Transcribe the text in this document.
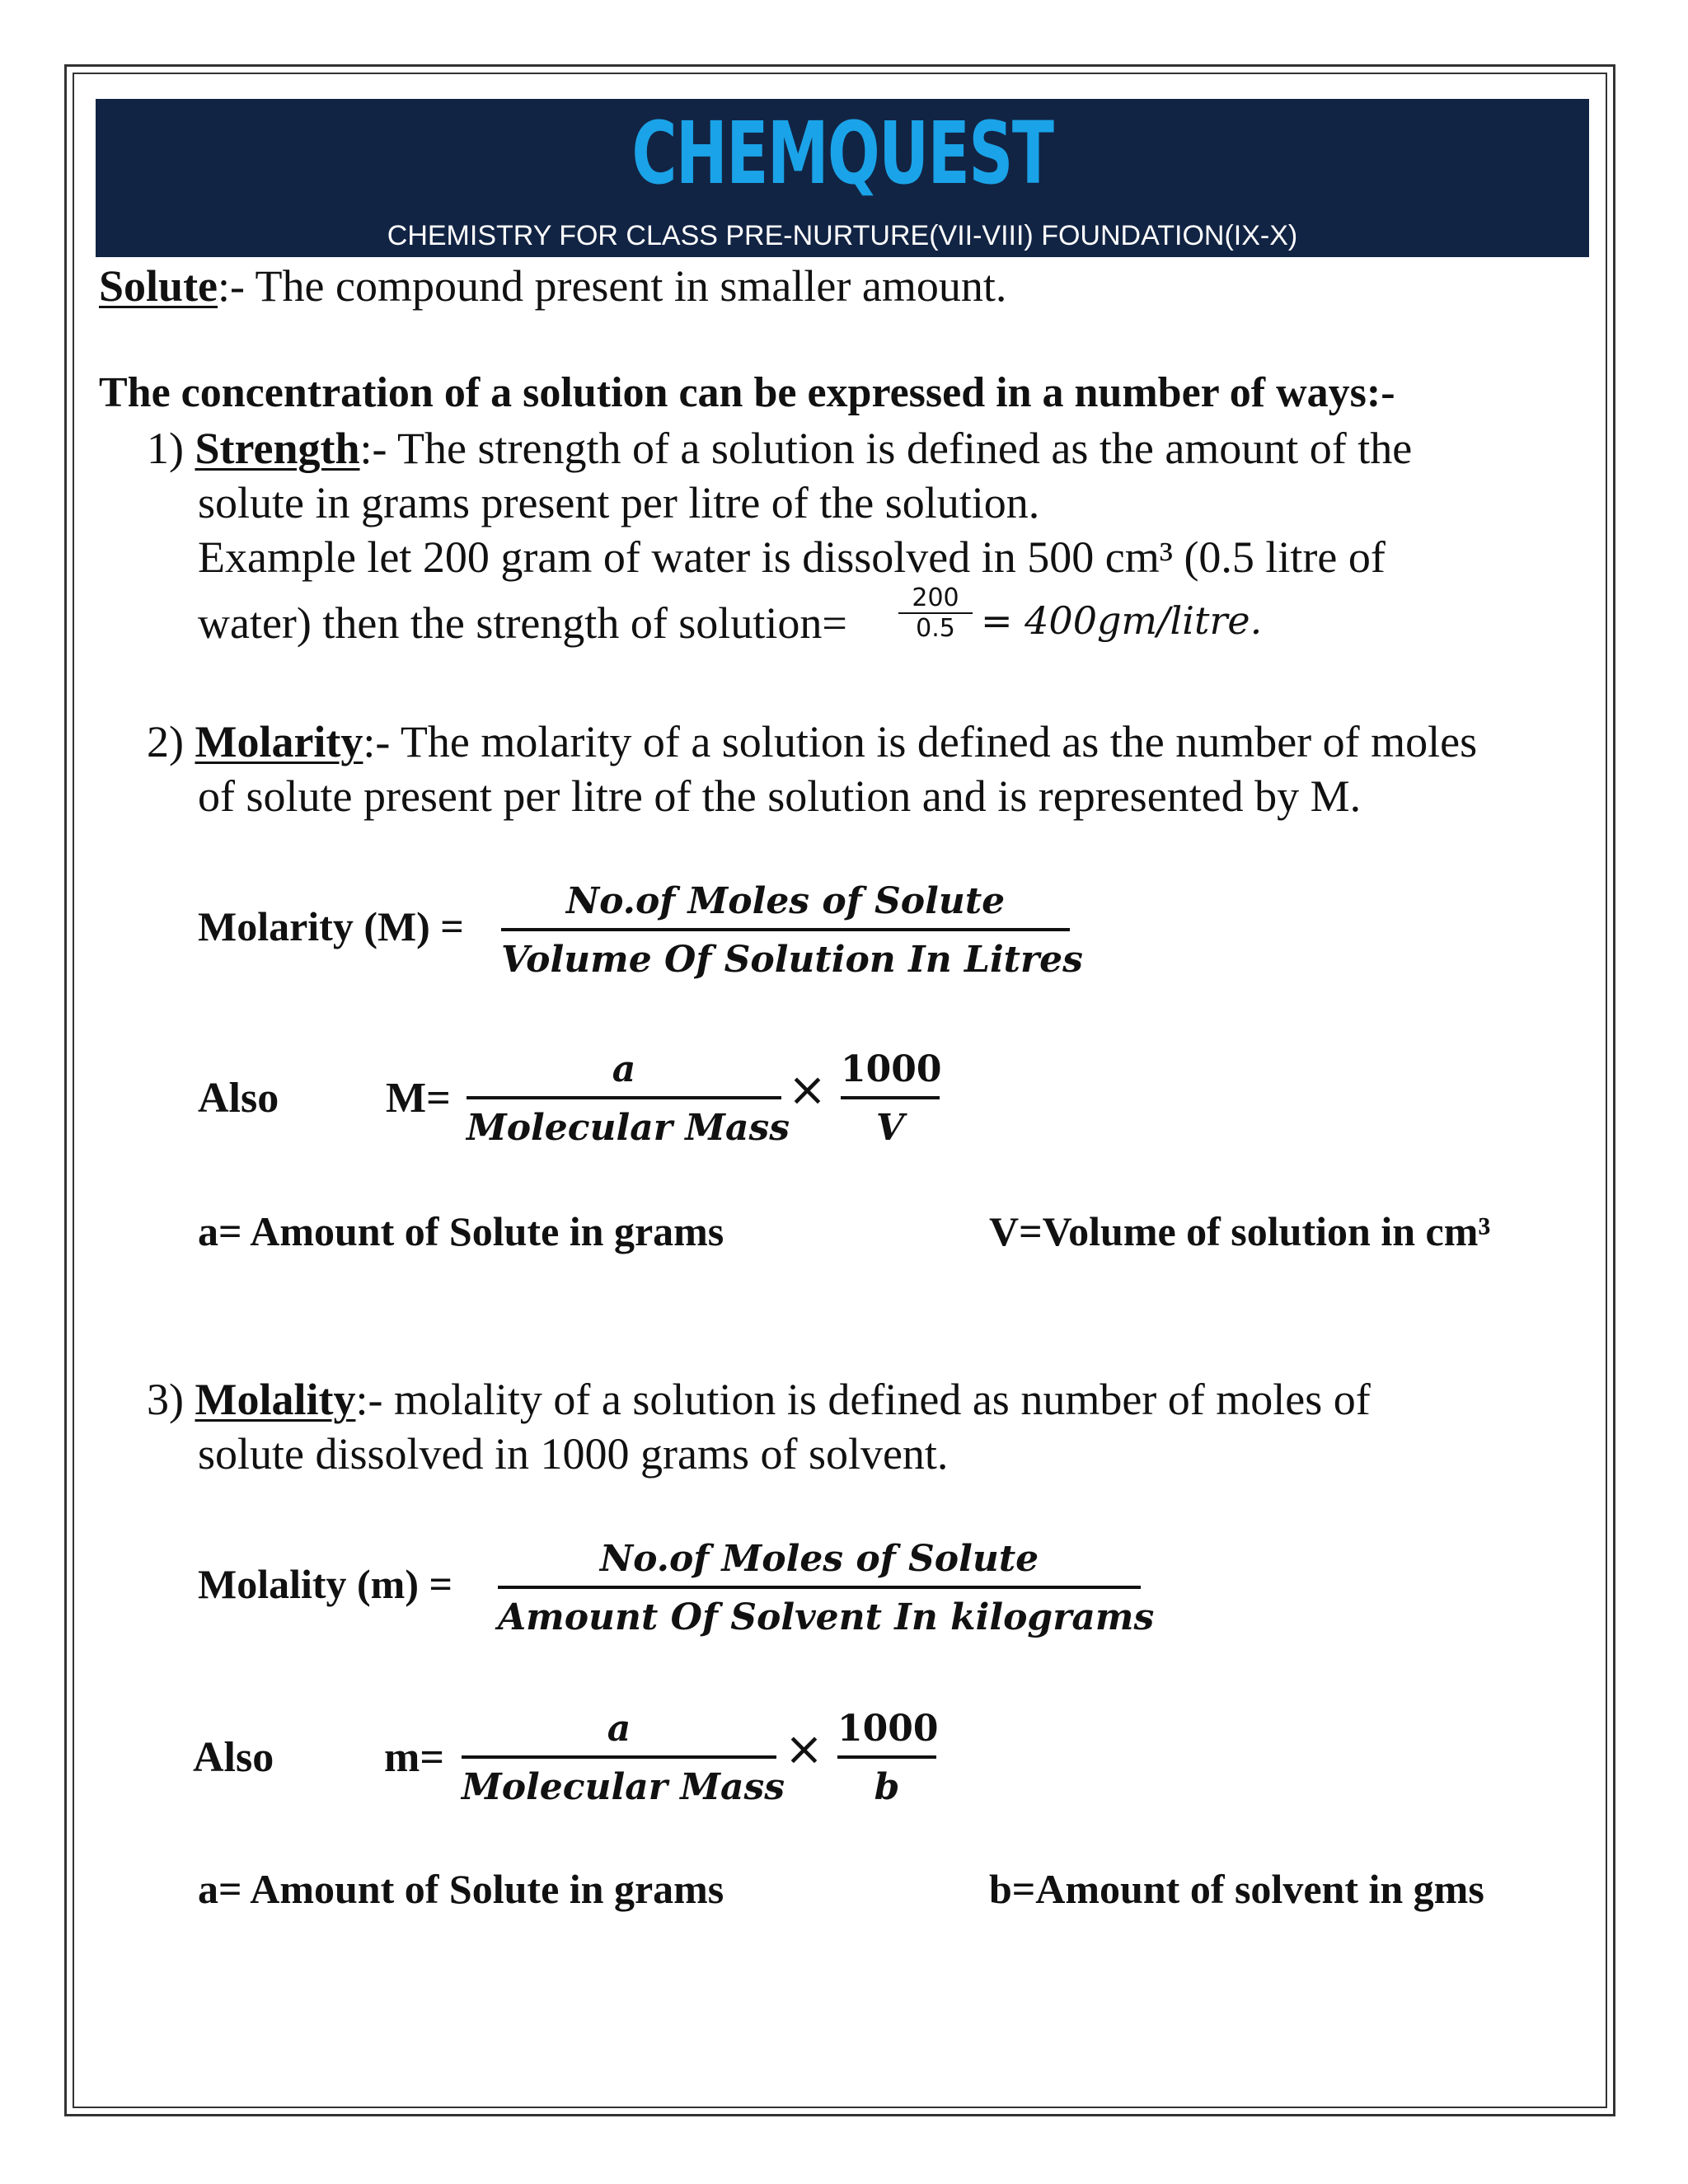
CHEMQUEST
CHEMISTRY FOR CLASS PRE-NURTURE(VII-VIII) FOUNDATION(IX-X)
Solute:- The compound present in smaller amount.
The concentration of a solution can be expressed in a number of ways:-
1) Strength:- The strength of a solution is defined as the amount of the
solute in grams present per litre of the solution.
Example let 200 gram of water is dissolved in 500 cm³ (0.5 litre of
water) then the strength of solution=
200
0.5 = 400gm/litre.
2) Molarity:- The molarity of a solution is defined as the number of moles
of solute present per litre of the solution and is represented by M.
Molarity (M) =
No.of Moles of Solute
Volume Of Solution In Litres
Also M=
a
Molecular Mass
× 1000
V
a= Amount of Solute in grams	V=Volume of solution in cm³
3) Molality:- molality of a solution is defined as number of moles of
solute dissolved in 1000 grams of solvent.
Molality (m) =
No.of Moles of Solute
Amount Of Solvent In kilograms
Also	m=
a
Molecular Mass
× 1000
b
a= Amount of Solute in grams	b=Amount of solvent in gms
